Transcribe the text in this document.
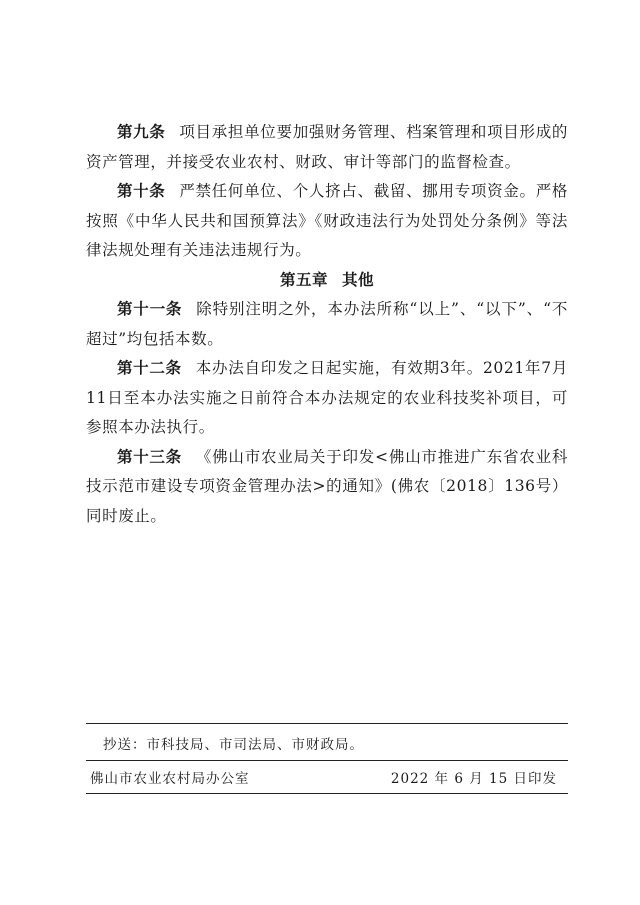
第九条 项目承担单位要加强财务管理、档案管理和项目形成的资产管理，并接受农业农村、财政、审计等部门的监督检查。

第十条 严禁任何单位、个人挤占、截留、挪用专项资金。严格按照《中华人民共和国预算法》《财政违法行为处罚处分条例》等法律法规处理有关违法违规行为。

第五章 其他

第十一条 除特别注明之外，本办法所称“以上”、“以下”、“不超过”均包括本数。

第十二条 本办法自印发之日起实施，有效期3年。2021年7月11日至本办法实施之日前符合本办法规定的农业科技奖补项目，可参照本办法执行。

第十三条 《佛山市农业局关于印发<佛山市推进广东省农业科技示范市建设专项资金管理办法>的通知》(佛农〔2018〕136号）同时废止。

抄送：市科技局、市司法局、市财政局。
佛山市农业农村局办公室	2022 年 6 月 15 日印发
